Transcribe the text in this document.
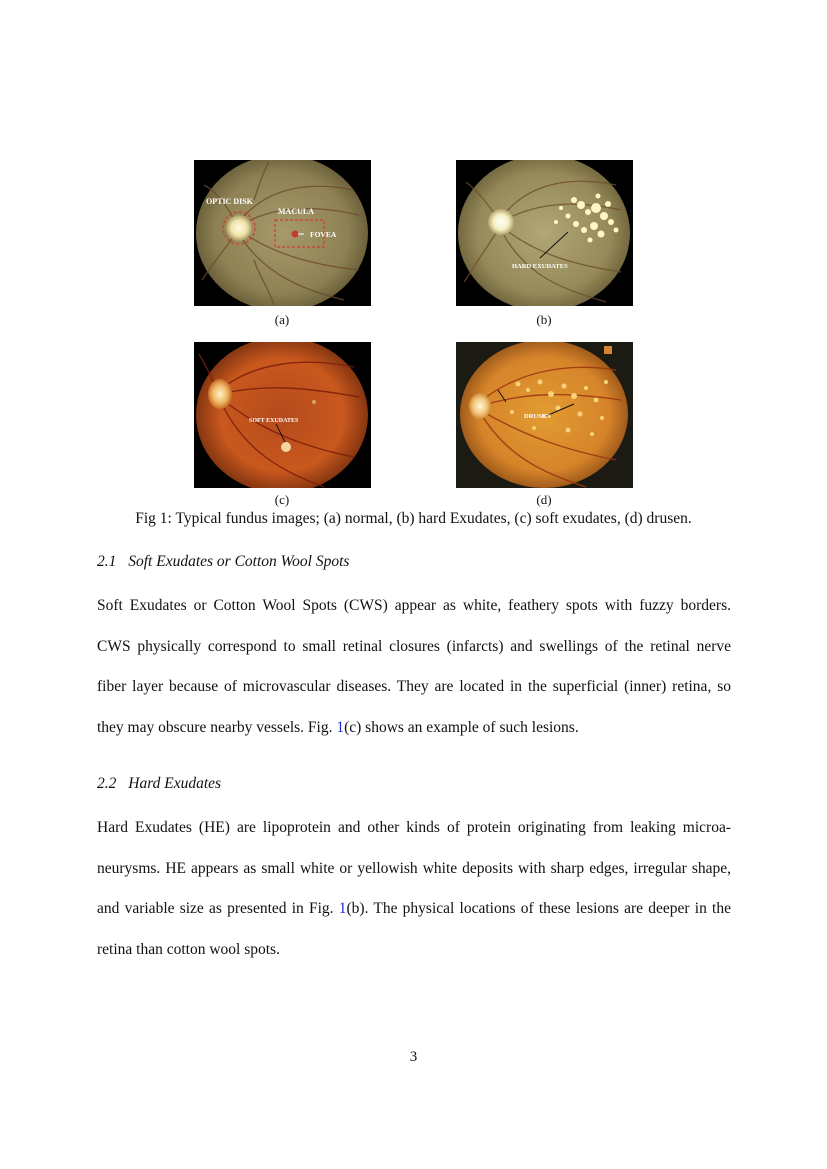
OPTIC DISK
MACULA
FOVEA
(a)
HARD EXUDATES
(b)
SOFT EXUDATES
(c)
DRUSEN
(d)
Fig 1: Typical fundus images; (a) normal, (b) hard Exudates, (c) soft exudates, (d) drusen.
2.1 Soft Exudates or Cotton Wool Spots
Soft Exudates or Cotton Wool Spots (CWS) appear as white, feathery spots with fuzzy borders.
CWS physically correspond to small retinal closures (infarcts) and swellings of the retinal nerve
fiber layer because of microvascular diseases. They are located in the superficial (inner) retina, so
they may obscure nearby vessels. Fig. 1(c) shows an example of such lesions.
2.2 Hard Exudates
Hard Exudates (HE) are lipoprotein and other kinds of protein originating from leaking microa-
neurysms. HE appears as small white or yellowish white deposits with sharp edges, irregular shape,
and variable size as presented in Fig. 1(b). The physical locations of these lesions are deeper in the
retina than cotton wool spots.
3
